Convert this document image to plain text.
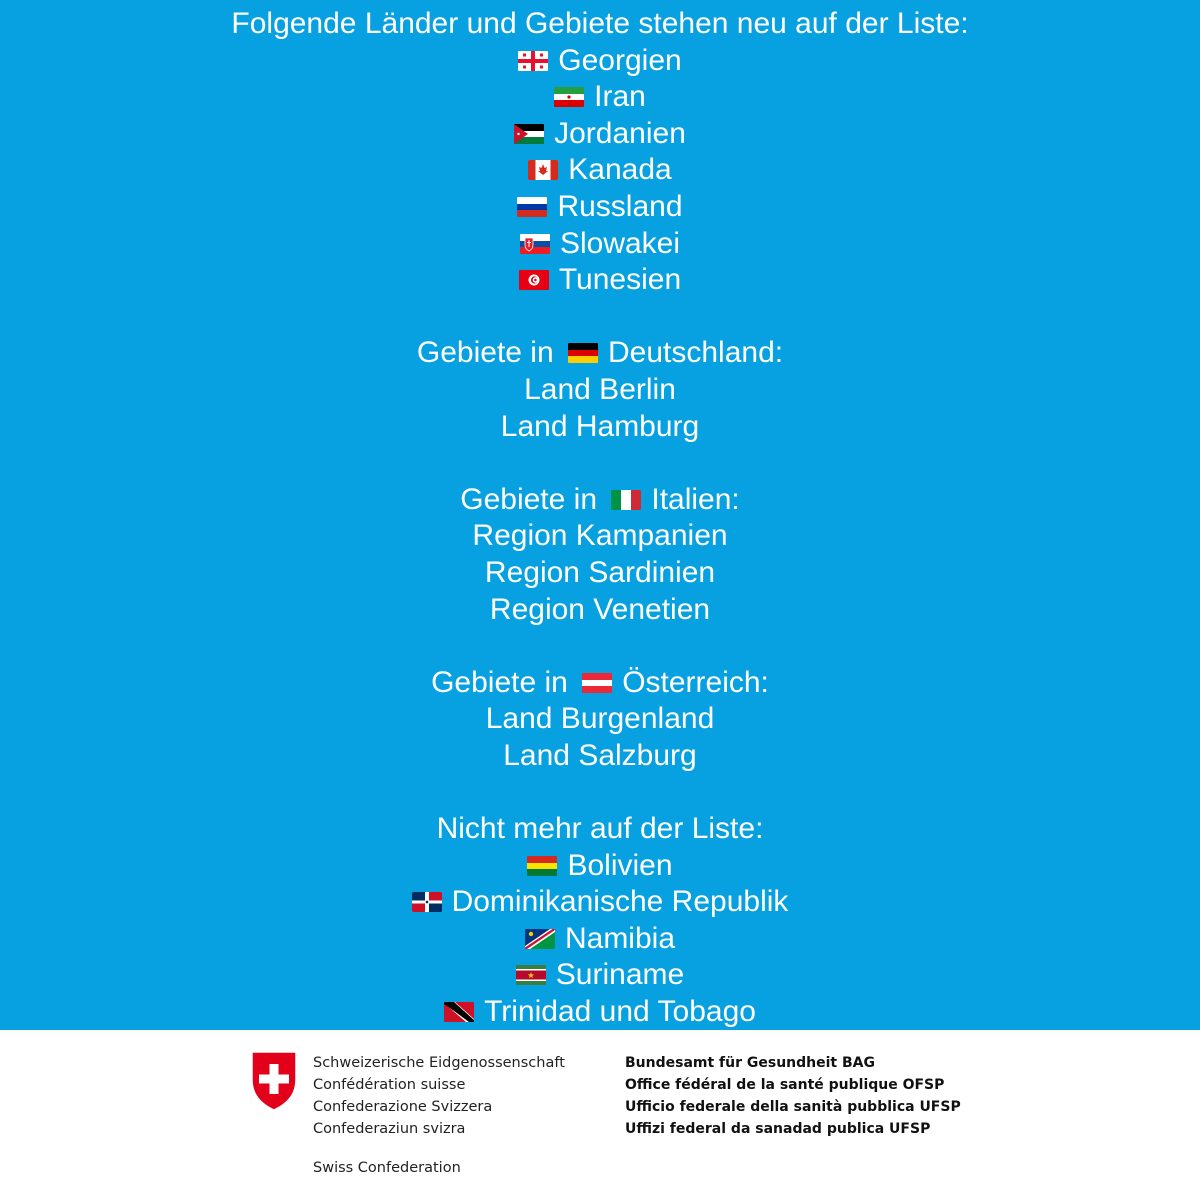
Folgende Länder und Gebiete stehen neu auf der Liste:
Georgien
Iran
Jordanien
Kanada
Russland
Slowakei
Tunesien
Gebiete in Deutschland:
Land Berlin
Land Hamburg
Gebiete in Italien:
Region Kampanien
Region Sardinien
Region Venetien
Gebiete in Österreich:
Land Burgenland
Land Salzburg
Nicht mehr auf der Liste:
Bolivien
Dominikanische Republik
Namibia
Suriname
Trinidad und Tobago
Schweizerische Eidgenossenschaft
Confédération suisse
Confederazione Svizzera
Confederaziun svizra
Swiss Confederation
Bundesamt für Gesundheit BAG
Office fédéral de la santé publique OFSP
Ufficio federale della sanità pubblica UFSP
Uffizi federal da sanadad publica UFSP
